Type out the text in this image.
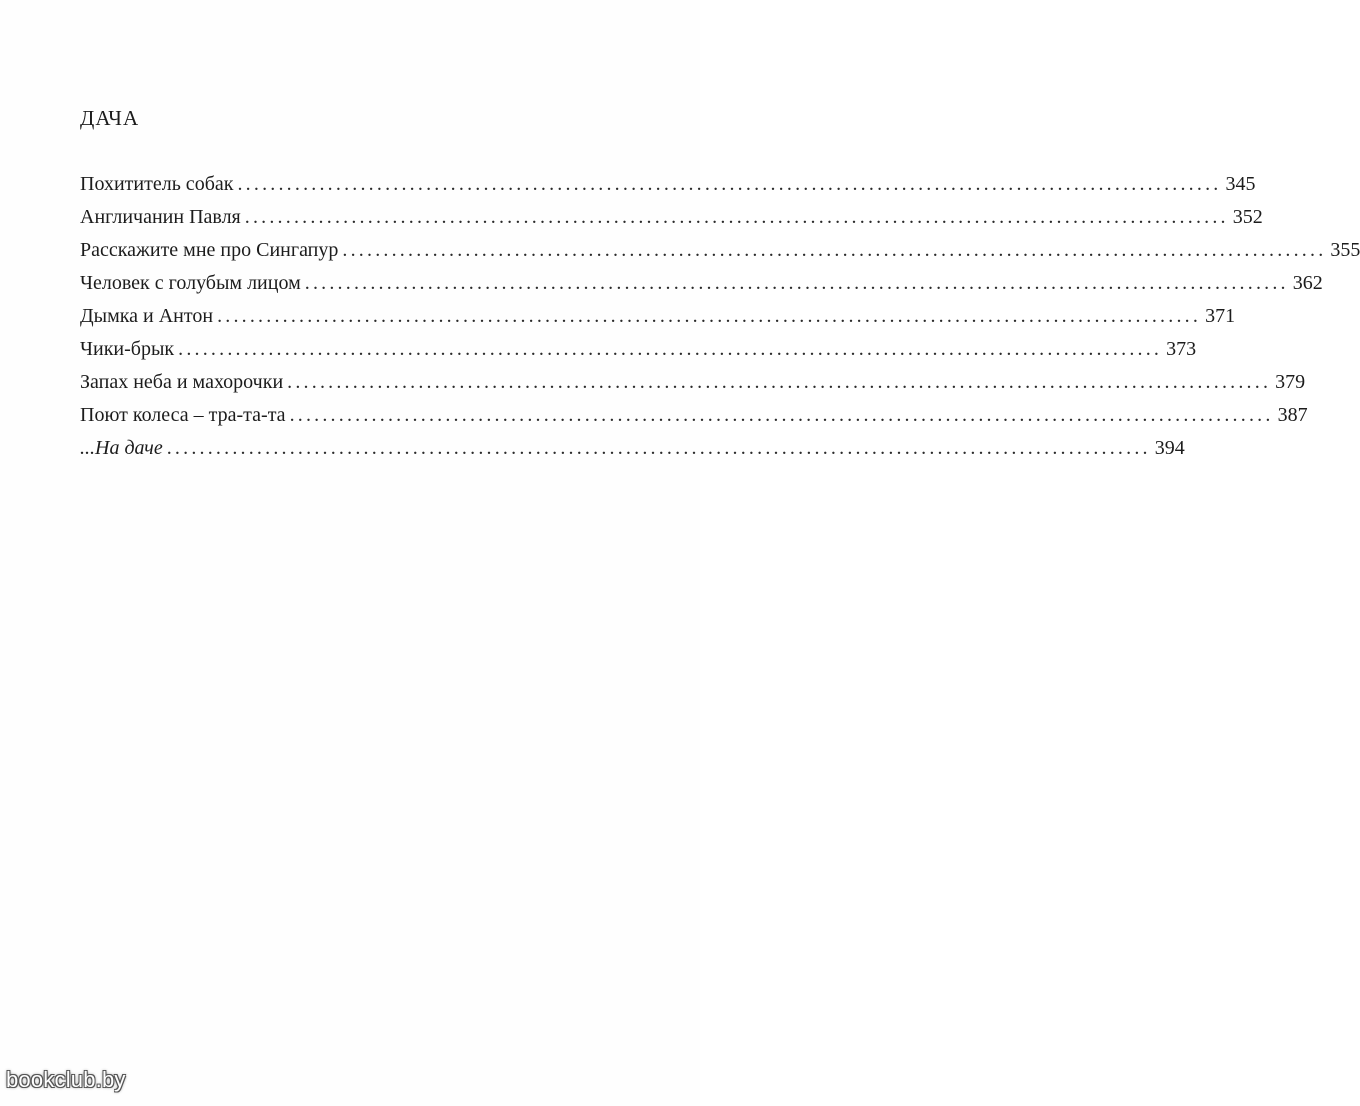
ДАЧА
Похититель собак ........................................................................................................................ 345
Англичанин Павля ........................................................................................................................ 352
Расскажите мне про Сингапур ........................................................................................................................ 355
Человек с голубым лицом ........................................................................................................................ 362
Дымка и Антон ........................................................................................................................ 371
Чики-брык ........................................................................................................................ 373
Запах неба и махорочки ........................................................................................................................ 379
Поют колеса – тра-та-та ........................................................................................................................ 387
...На даче ........................................................................................................................ 394
bookclub.by
